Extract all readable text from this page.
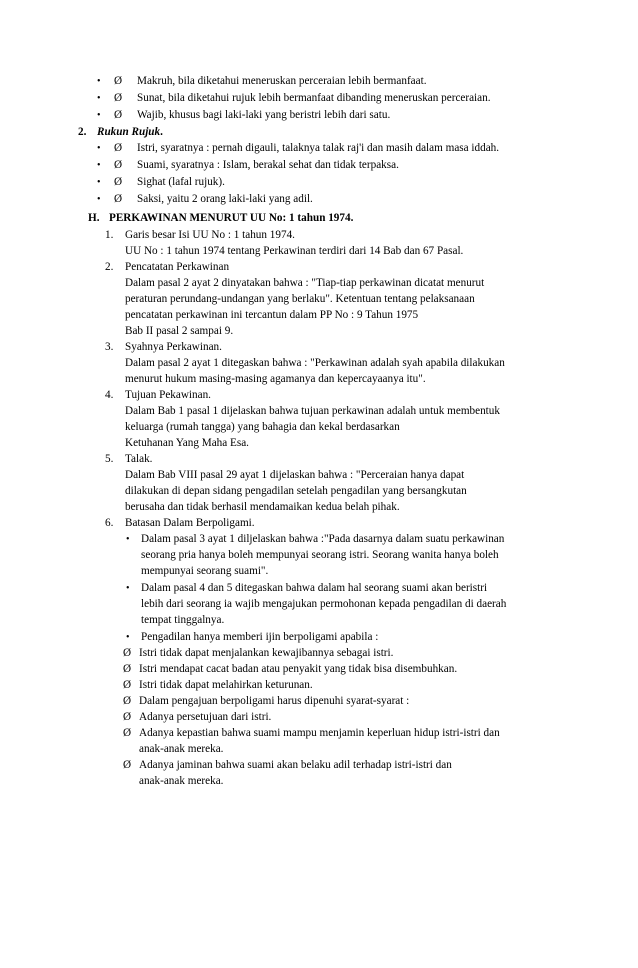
• Ø Makruh, bila diketahui meneruskan perceraian lebih bermanfaat.
• Ø Sunat, bila diketahui rujuk lebih bermanfaat dibanding meneruskan perceraian.
• Ø Wajib, khusus bagi laki-laki yang beristri lebih dari satu.
2. Rukun Rujuk.
• Ø Istri, syaratnya : pernah digauli, talaknya talak raj'i dan masih dalam masa iddah.
• Ø Suami, syaratnya : Islam, berakal sehat dan tidak terpaksa.
• Ø Sighat (lafal rujuk).
• Ø Saksi, yaitu 2 orang laki-laki yang adil.
H. PERKAWINAN MENURUT UU No: 1 tahun 1974.
1. Garis besar Isi UU No : 1 tahun 1974.
UU No : 1 tahun 1974 tentang Perkawinan terdiri dari 14 Bab dan 67 Pasal.
2. Pencatatan Perkawinan
Dalam pasal 2 ayat 2 dinyatakan bahwa : "Tiap-tiap perkawinan dicatat menurut
peraturan perundang-undangan yang berlaku". Ketentuan tentang pelaksanaan
pencatatan perkawinan ini tercantun dalam PP No : 9 Tahun 1975
Bab II pasal 2 sampai 9.
3. Syahnya Perkawinan.
Dalam pasal 2 ayat 1 ditegaskan bahwa : "Perkawinan adalah syah apabila dilakukan
menurut hukum masing-masing agamanya dan kepercayaanya itu".
4. Tujuan Pekawinan.
Dalam Bab 1 pasal 1 dijelaskan bahwa tujuan perkawinan adalah untuk membentuk
keluarga (rumah tangga) yang bahagia dan kekal berdasarkan
Ketuhanan Yang Maha Esa.
5. Talak.
Dalam Bab VIII pasal 29 ayat 1 dijelaskan bahwa : "Perceraian hanya dapat
dilakukan di depan sidang pengadilan setelah pengadilan yang bersangkutan
berusaha dan tidak berhasil mendamaikan kedua belah pihak.
6. Batasan Dalam Berpoligami.
• Dalam pasal 3 ayat 1 diljelaskan bahwa :"Pada dasarnya dalam suatu perkawinan
seorang pria hanya boleh mempunyai seorang istri. Seorang wanita hanya boleh
mempunyai seorang suami".
• Dalam pasal 4 dan 5 ditegaskan bahwa dalam hal seorang suami akan beristri
lebih dari seorang ia wajib mengajukan permohonan kepada pengadilan di daerah
tempat tinggalnya.
• Pengadilan hanya memberi ijin berpoligami apabila :
Ø Istri tidak dapat menjalankan kewajibannya sebagai istri.
Ø Istri mendapat cacat badan atau penyakit yang tidak bisa disembuhkan.
Ø Istri tidak dapat melahirkan keturunan.
Ø Dalam pengajuan berpoligami harus dipenuhi syarat-syarat :
Ø Adanya persetujuan dari istri.
Ø Adanya kepastian bahwa suami mampu menjamin keperluan hidup istri-istri dan
anak-anak mereka.
Ø Adanya jaminan bahwa suami akan belaku adil terhadap istri-istri dan
anak-anak mereka.
